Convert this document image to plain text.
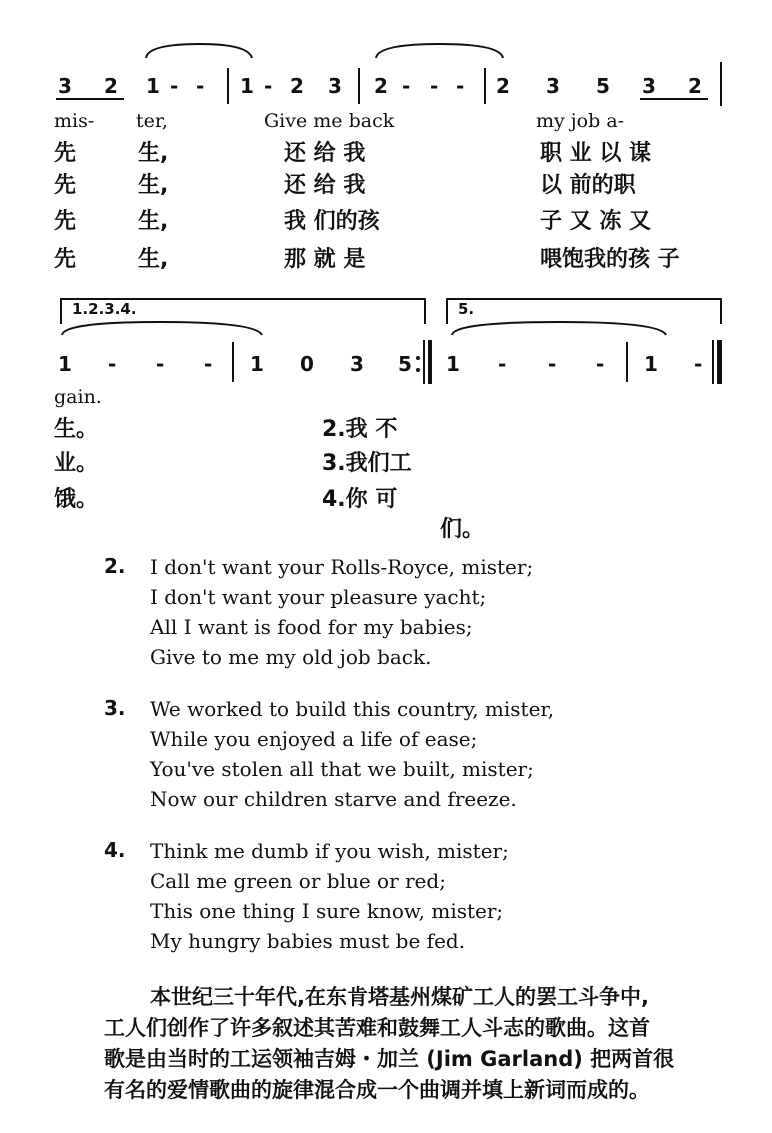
3 2 1 - - 1 - 2 3 2 - - - 2 3 5 3 2
mis- ter,	Give me back	my job a-
先	生,	还 给 我	职 业 以 谋
先	生,	还 给 我	以 前的职
先	生,	我 们的孩	子 又 冻 又
先	生,	那 就 是	喂饱我的孩 子
1.2.3.4.	5.
1 - - - 1 0 3 5 1 - - - 1 -
gain.
生。	2.我 不
业。	3.我们工
饿。	4.你 可
们。
2. I don't want your Rolls-Royce, mister;
I don't want your pleasure yacht;
All I want is food for my babies;
Give to me my old job back.
3. We worked to build this country, mister,
While you enjoyed a life of ease;
You've stolen all that we built, mister;
Now our children starve and freeze.
4. Think me dumb if you wish, mister;
Call me green or blue or red;
This one thing I sure know, mister;
My hungry babies must be fed.
本世纪三十年代,在东肯塔基州煤矿工人的罢工斗争中,
工人们创作了许多叙述其苦难和鼓舞工人斗志的歌曲。这首
歌是由当时的工运领袖吉姆・加兰 (Jim Garland) 把两首很
有名的爱情歌曲的旋律混合成一个曲调并填上新词而成的。
